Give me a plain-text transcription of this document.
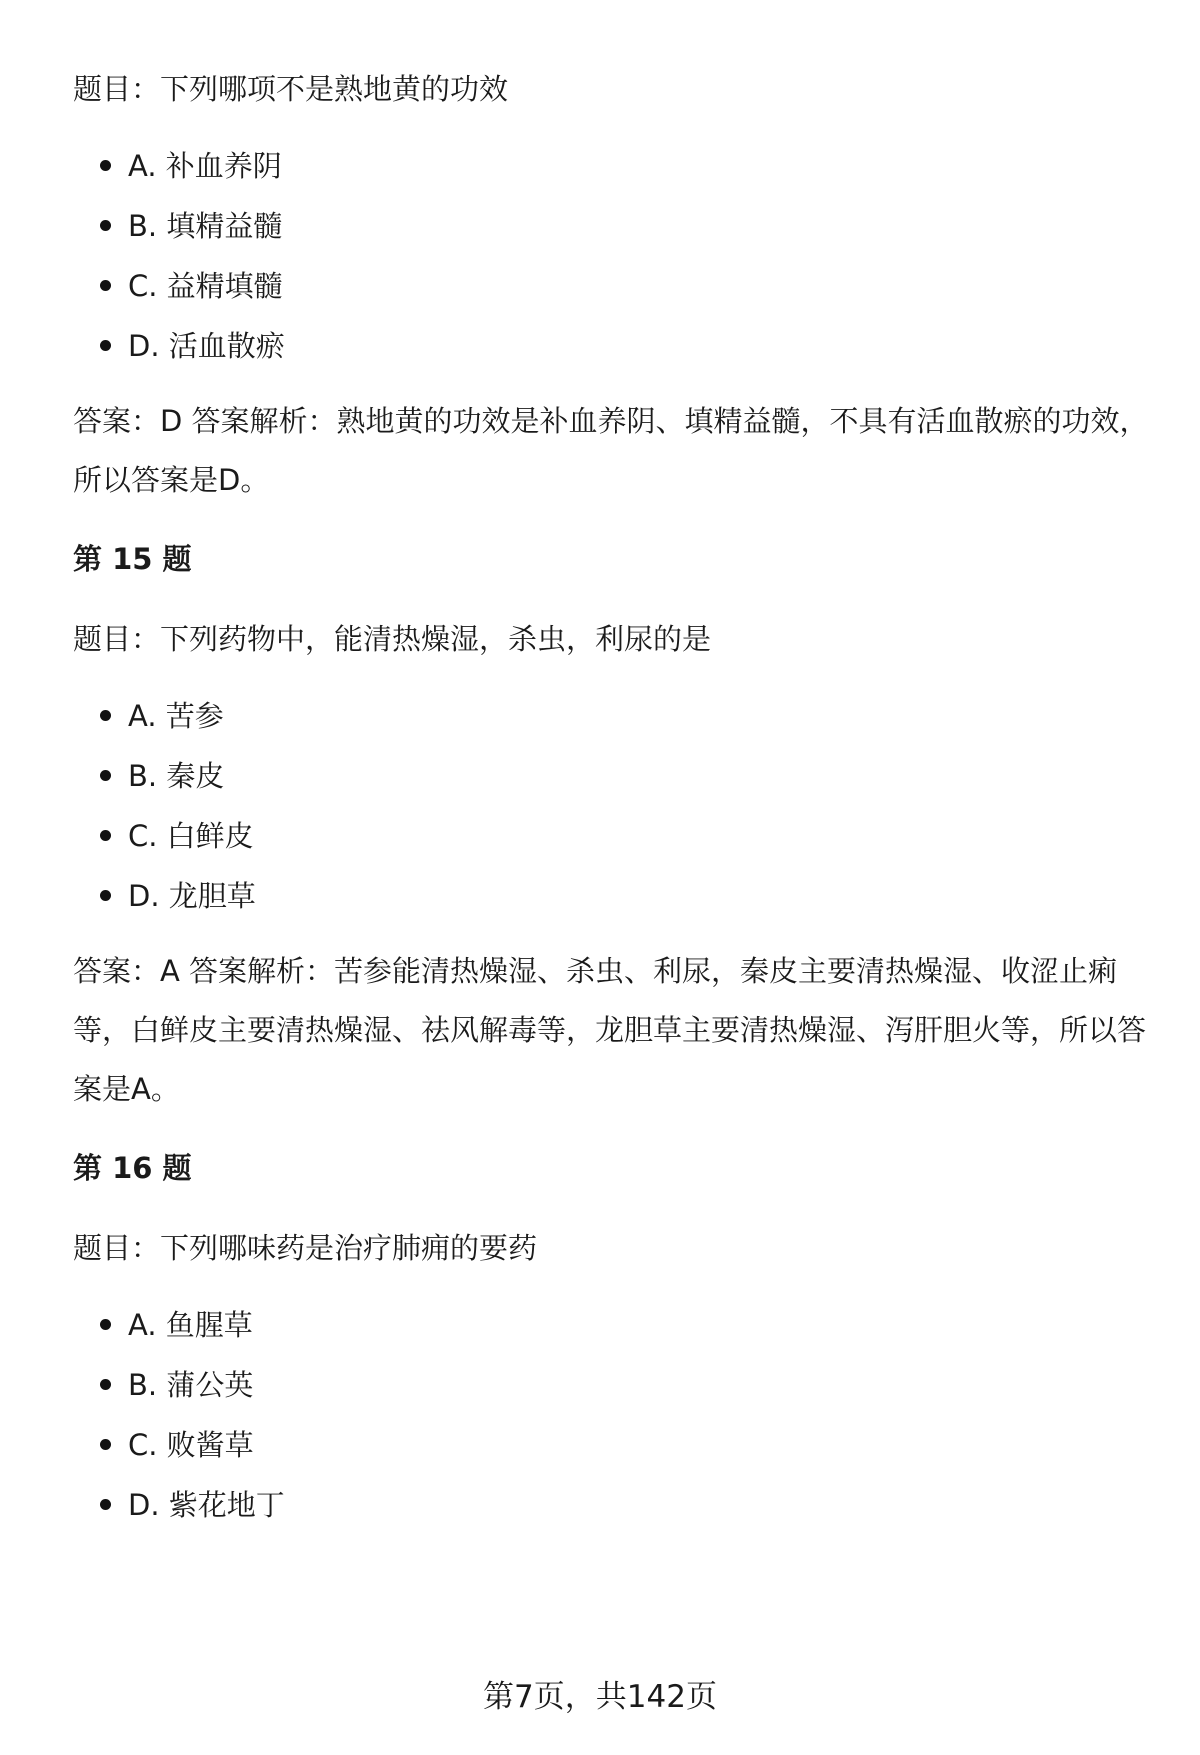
题目：下列哪项不是熟地黄的功效

A. 补血养阴
B. 填精益髓
C. 益精填髓
D. 活血散瘀

答案：D 答案解析：熟地黄的功效是补血养阴、填精益髓，不具有活血散瘀的功效，所以答案是D。

第 15 题

题目：下列药物中，能清热燥湿，杀虫，利尿的是

A. 苦参
B. 秦皮
C. 白鲜皮
D. 龙胆草

答案：A 答案解析：苦参能清热燥湿、杀虫、利尿，秦皮主要清热燥湿、收涩止痢等，白鲜皮主要清热燥湿、祛风解毒等，龙胆草主要清热燥湿、泻肝胆火等，所以答案是A。

第 16 题

题目：下列哪味药是治疗肺痈的要药

A. 鱼腥草
B. 蒲公英
C. 败酱草
D. 紫花地丁
第7页，共142页
